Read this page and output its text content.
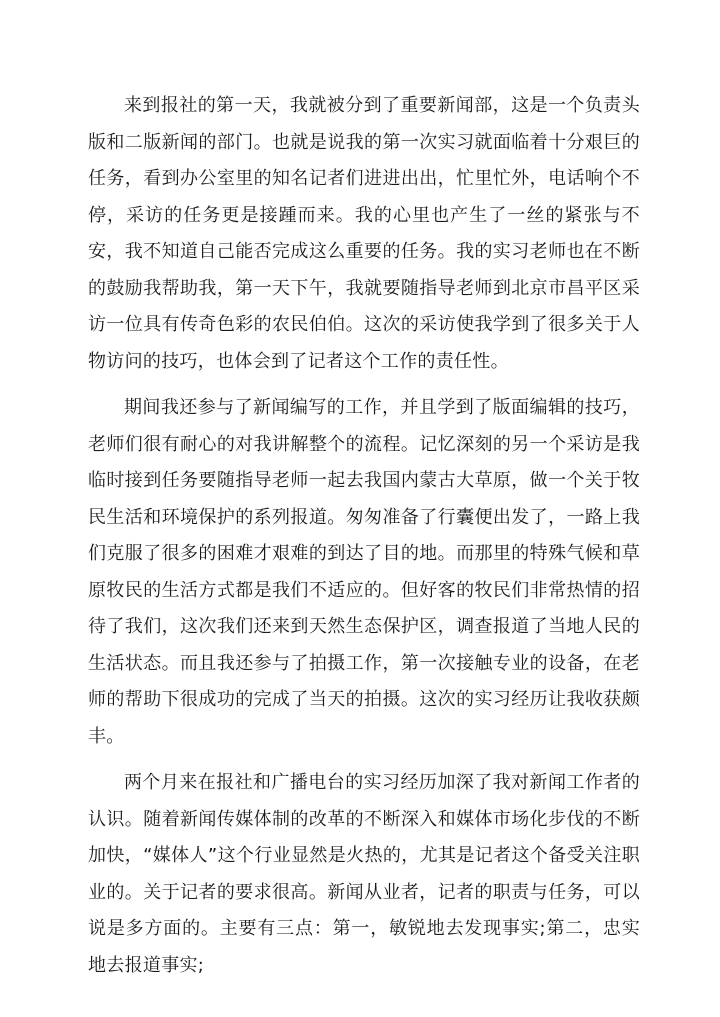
来到报社的第一天，我就被分到了重要新闻部，这是一个负责头版和二版新闻的部门。也就是说我的第一次实习就面临着十分艰巨的任务，看到办公室里的知名记者们进进出出，忙里忙外，电话响个不停，采访的任务更是接踵而来。我的心里也产生了一丝的紧张与不安，我不知道自己能否完成这么重要的任务。我的实习老师也在不断的鼓励我帮助我，第一天下午，我就要随指导老师到北京市昌平区采访一位具有传奇色彩的农民伯伯。这次的采访使我学到了很多关于人物访问的技巧，也体会到了记者这个工作的责任性。

期间我还参与了新闻编写的工作，并且学到了版面编辑的技巧，老师们很有耐心的对我讲解整个的流程。记忆深刻的另一个采访是我临时接到任务要随指导老师一起去我国内蒙古大草原，做一个关于牧民生活和环境保护的系列报道。匆匆准备了行囊便出发了，一路上我们克服了很多的困难才艰难的到达了目的地。而那里的特殊气候和草原牧民的生活方式都是我们不适应的。但好客的牧民们非常热情的招待了我们，这次我们还来到天然生态保护区，调查报道了当地人民的生活状态。而且我还参与了拍摄工作，第一次接触专业的设备，在老师的帮助下很成功的完成了当天的拍摄。这次的实习经历让我收获颇丰。

两个月来在报社和广播电台的实习经历加深了我对新闻工作者的认识。随着新闻传媒体制的改革的不断深入和媒体市场化步伐的不断加快，“媒体人”这个行业显然是火热的，尤其是记者这个备受关注职业的。关于记者的要求很高。新闻从业者，记者的职责与任务，可以说是多方面的。主要有三点：第一，敏锐地去发现事实;第二，忠实地去报道事实;
